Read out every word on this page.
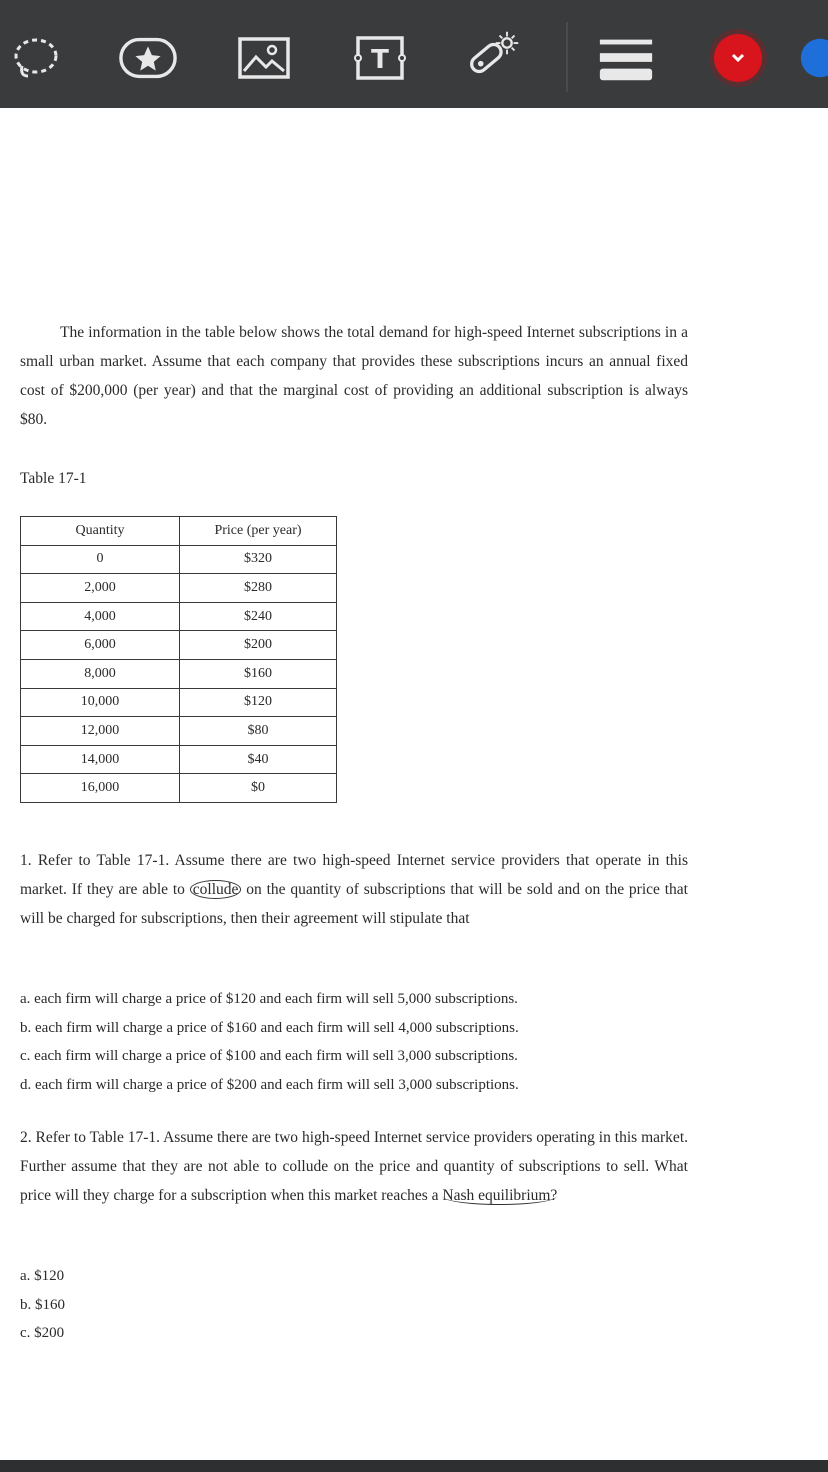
T

The information in the table below shows the total demand for high-speed Internet subscriptions in a small urban market. Assume that each company that provides these subscriptions incurs an annual fixed cost of $200,000 (per year) and that the marginal cost of providing an additional subscription is always $80.

Table 17-1
Quantity	Price (per year)
0	$320
2,000	$280
4,000	$240
6,000	$200
8,000	$160
10,000	$120
12,000	$80
14,000	$40
16,000	$0

1. Refer to Table 17-1. Assume there are two high-speed Internet service providers that operate in this market. If they are able to collude on the quantity of subscriptions that will be sold and on the price that will be charged for subscriptions, then their agreement will stipulate that

a. each firm will charge a price of $120 and each firm will sell 5,000 subscriptions.
b. each firm will charge a price of $160 and each firm will sell 4,000 subscriptions.
c. each firm will charge a price of $100 and each firm will sell 3,000 subscriptions.
d. each firm will charge a price of $200 and each firm will sell 3,000 subscriptions.

2. Refer to Table 17-1. Assume there are two high-speed Internet service providers operating in this market. Further assume that they are not able to collude on the price and quantity of subscriptions to sell. What price will they charge for a subscription when this market reaches a Nash equilibrium?

a. $120
b. $160
c. $200
